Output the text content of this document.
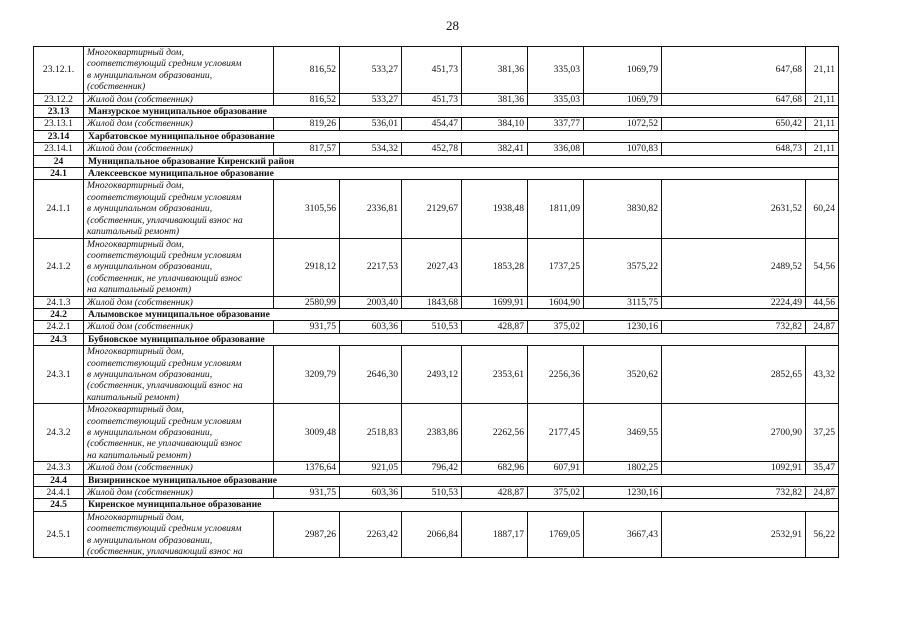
28
23.12.1.	Многоквартирный дом,
соответствующий средним условиям
в муниципальном образовании,
(собственник)	816,52	533,27	451,73	381,36	335,03	1069,79	647,68	21,11
23.12.2	Жилой дом (собственник)	816,52	533,27	451,73	381,36	335,03	1069,79	647,68	21,11
23.13	Манзурское муниципальное образование								
23.13.1	Жилой дом (собственник)	819,26	536,01	454,47	384,10	337,77	1072,52	650,42	21,11
23.14	Харбатовское муниципальное образование								
23.14.1	Жилой дом (собственник)	817,57	534,32	452,78	382,41	336,08	1070,83	648,73	21,11
24	Муниципальное образование Киренский район								
24.1	Алексеевское муниципальное образование								
24.1.1	Многоквартирный дом,
соответствующий средним условиям
в муниципальном образовании,
(собственник, уплачивающий взнос на
капитальный ремонт)	3105,56	2336,81	2129,67	1938,48	1811,09	3830,82	2631,52	60,24
24.1.2	Многоквартирный дом,
соответствующий средним условиям
в муниципальном образовании,
(собственник, не уплачивающий взнос
на капитальный ремонт)	2918,12	2217,53	2027,43	1853,28	1737,25	3575,22	2489,52	54,56
24.1.3	Жилой дом (собственник)	2580,99	2003,40	1843,68	1699,91	1604,90	3115,75	2224,49	44,56
24.2	Алымовское муниципальное образование								
24.2.1	Жилой дом (собственник)	931,75	603,36	510,53	428,87	375,02	1230,16	732,82	24,87
24.3	Бубновское муниципальное образование								
24.3.1	Многоквартирный дом,
соответствующий средним условиям
в муниципальном образовании,
(собственник, уплачивающий взнос на
капитальный ремонт)	3209,79	2646,30	2493,12	2353,61	2256,36	3520,62	2852,65	43,32
24.3.2	Многоквартирный дом,
соответствующий средним условиям
в муниципальном образовании,
(собственник, не уплачивающий взнос
на капитальный ремонт)	3009,48	2518,83	2383,86	2262,56	2177,45	3469,55	2700,90	37,25
24.3.3	Жилой дом (собственник)	1376,64	921,05	796,42	682,96	607,91	1802,25	1092,91	35,47
24.4	Визирнинское муниципальное образование								
24.4.1	Жилой дом (собственник)	931,75	603,36	510,53	428,87	375,02	1230,16	732,82	24,87
24.5	Киренское муниципальное образование								
24.5.1	Многоквартирный дом,
соответствующий средним условиям
в муниципальном образовании,
(собственник, уплачивающий взнос на	2987,26	2263,42	2066,84	1887,17	1769,05	3667,43	2532,91	56,22
